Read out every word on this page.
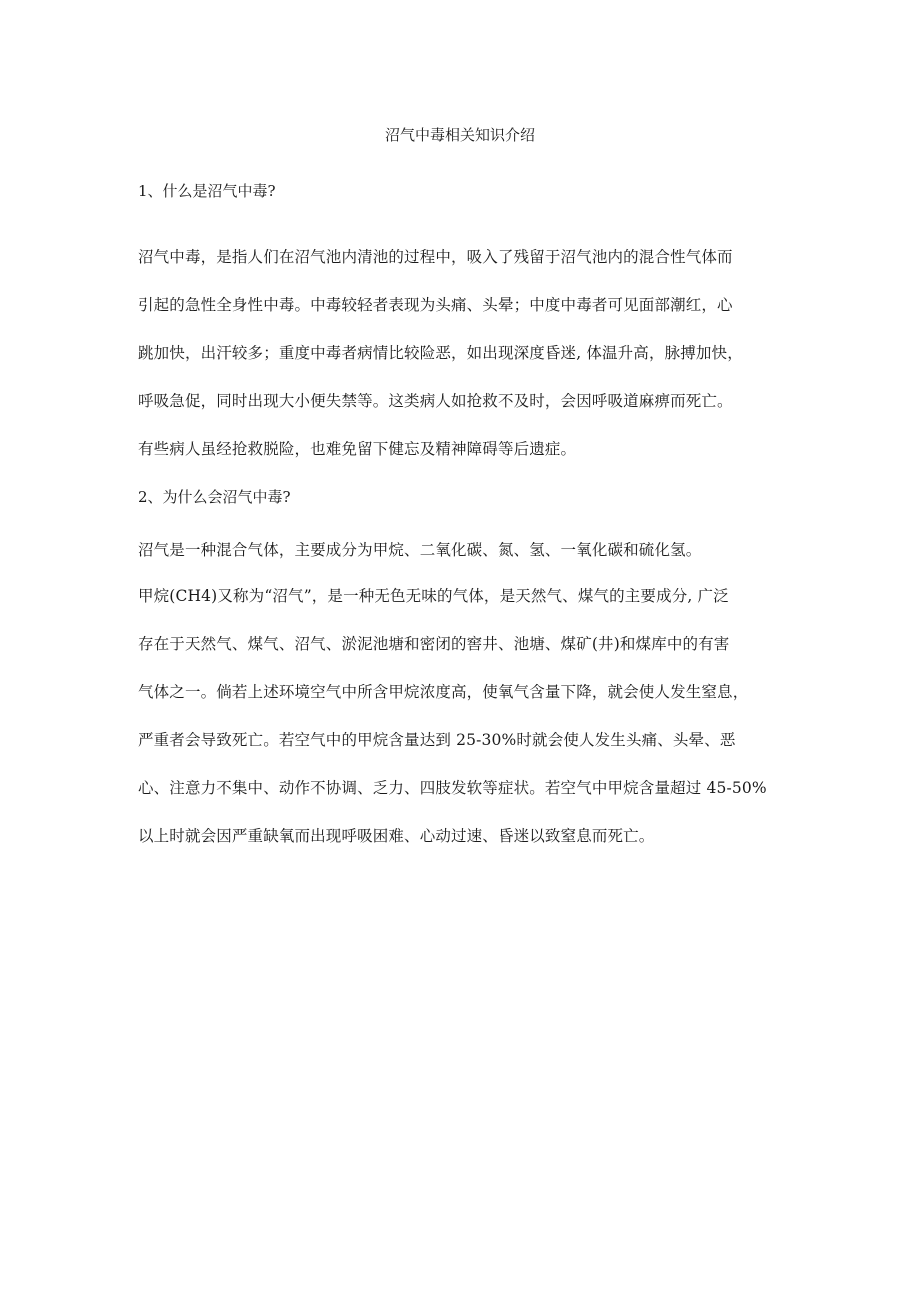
沼气中毒相关知识介绍
1、什么是沼气中毒?

沼气中毒，是指人们在沼气池内清池的过程中，吸入了残留于沼气池内的混合性气体而
引起的急性全身性中毒。中毒较轻者表现为头痛、头晕；中度中毒者可见面部潮红，心
跳加快，出汗较多；重度中毒者病情比较险恶，如出现深度昏迷, 体温升高，脉搏加快，
呼吸急促，同时出现大小便失禁等。这类病人如抢救不及时，会因呼吸道麻痹而死亡。
有些病人虽经抢救脱险，也难免留下健忘及精神障碍等后遗症。

2、为什么会沼气中毒?

沼气是一种混合气体，主要成分为甲烷、二氧化碳、氮、氢、一氧化碳和硫化氢。

甲烷(CH4)又称为“沼气”，是一种无色无味的气体，是天然气、煤气的主要成分, 广泛
存在于天然气、煤气、沼气、淤泥池塘和密闭的窖井、池塘、煤矿(井)和煤库中的有害
气体之一。倘若上述环境空气中所含甲烷浓度高，使氧气含量下降，就会使人发生窒息，
严重者会导致死亡。若空气中的甲烷含量达到 25-30%时就会使人发生头痛、头晕、恶
心、注意力不集中、动作不协调、乏力、四肢发软等症状。若空气中甲烷含量超过 45-50%
以上时就会因严重缺氧而出现呼吸困难、心动过速、昏迷以致窒息而死亡。
